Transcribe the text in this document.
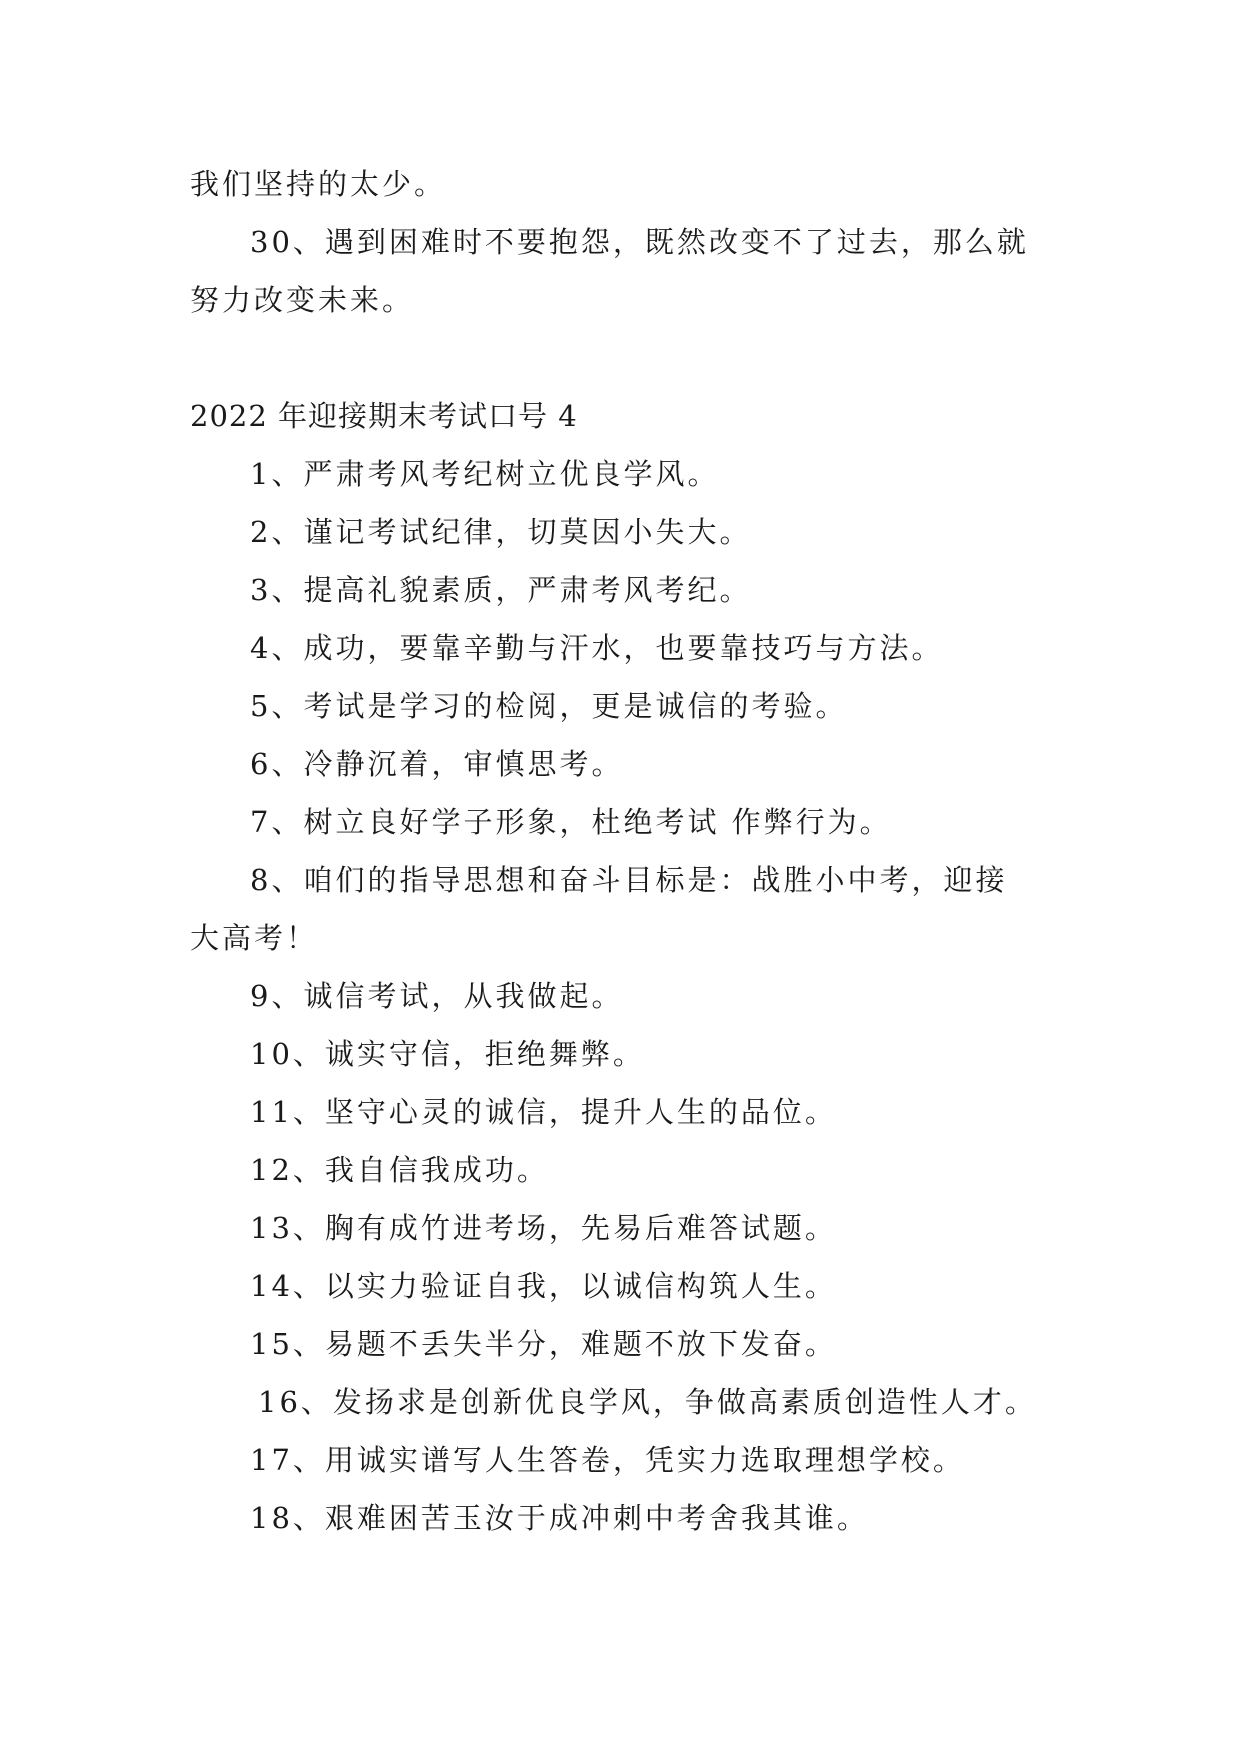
我们坚持的太少。
30、遇到困难时不要抱怨，既然改变不了过去，那么就
努力改变未来。
2022 年迎接期末考试口号 4
1、严肃考风考纪树立优良学风。
2、谨记考试纪律，切莫因小失大。
3、提高礼貌素质，严肃考风考纪。
4、成功，要靠辛勤与汗水，也要靠技巧与方法。
5、考试是学习的检阅，更是诚信的考验。
6、冷静沉着，审慎思考。
7、树立良好学子形象，杜绝考试 作弊行为。
8、咱们的指导思想和奋斗目标是：战胜小中考，迎接
大高考！
9、诚信考试，从我做起。
10、诚实守信，拒绝舞弊。
11、坚守心灵的诚信，提升人生的品位。
12、我自信我成功。
13、胸有成竹进考场，先易后难答试题。
14、以实力验证自我，以诚信构筑人生。
15、易题不丢失半分，难题不放下发奋。
16、发扬求是创新优良学风，争做高素质创造性人才。
17、用诚实谱写人生答卷，凭实力选取理想学校。
18、艰难困苦玉汝于成冲刺中考舍我其谁。
